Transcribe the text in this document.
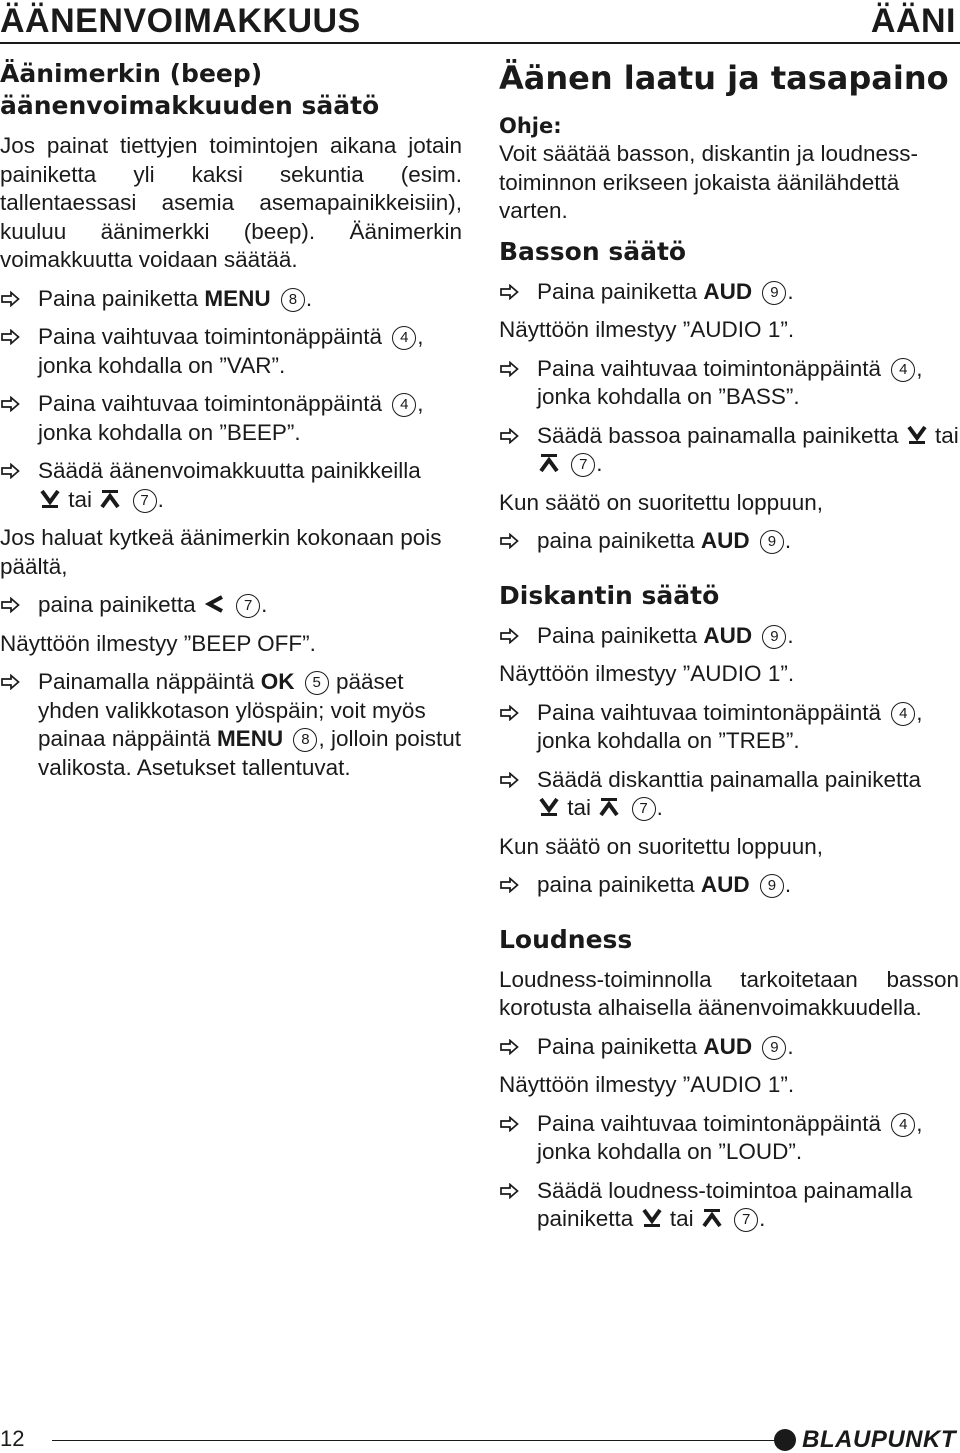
ÄÄNENVOIMAKKUUS	ÄÄNI
Äänimerkin (beep)
äänenvoimakkuuden säätö

Jos painat tiettyjen toimintojen aikana jotain painiketta yli kaksi sekuntia (esim. tallentaessasi asemia asemapainikkeisiin), kuuluu äänimerkki (beep). Äänimerkin voimakkuutta voidaan säätää.

Paina painiketta MENU 8 .
Paina vaihtuvaa toimintonäppäintä 4 , jonka kohdalla on ”VAR”.
Paina vaihtuvaa toimintonäppäintä 4 , jonka kohdalla on ”BEEP”.
Säädä äänenvoimakkuutta painikkeilla

tai	7 .

Jos haluat kytkeä äänimerkin kokonaan pois päältä,

paina painiketta	7 .

Näyttöön ilmestyy ”BEEP OFF”.

Painamalla näppäintä OK 5 pääset yhden valikkotason ylöspäin; voit myös painaa näppäintä MENU 8 , jolloin poistut valikosta. Asetukset tallentuvat.
Äänen laatu ja tasapaino
Ohje:

Voit säätää basson, diskantin ja loudness-toiminnon erikseen jokaista äänilähdettä varten.

Basson säätö
Paina painiketta AUD 9 .

Näyttöön ilmestyy ”AUDIO 1”.

Paina vaihtuvaa toimintonäppäintä 4 , jonka kohdalla on ”BASS”.
Säädä bassoa painamalla painiketta tai
7 .

Kun säätö on suoritettu loppuun,

paina painiketta AUD 9 .
Diskantin säätö
Paina painiketta AUD 9 .

Näyttöön ilmestyy ”AUDIO 1”.

Paina vaihtuvaa toimintonäppäintä 4 , jonka kohdalla on ”TREB”.
Säädä diskanttia painamalla painiketta

tai	7 .

Kun säätö on suoritettu loppuun,

paina painiketta AUD 9 .
Loudness

Loudness-toiminnolla tarkoitetaan basson korotusta alhaisella äänenvoimakkuudella.

Paina painiketta AUD 9 .

Näyttöön ilmestyy ”AUDIO 1”.

Paina vaihtuvaa toimintonäppäintä 4 , jonka kohdalla on ”LOUD”.
Säädä loudness-toimintoa painamalla painiketta tai	7 .
12	BLAUPUNKT
